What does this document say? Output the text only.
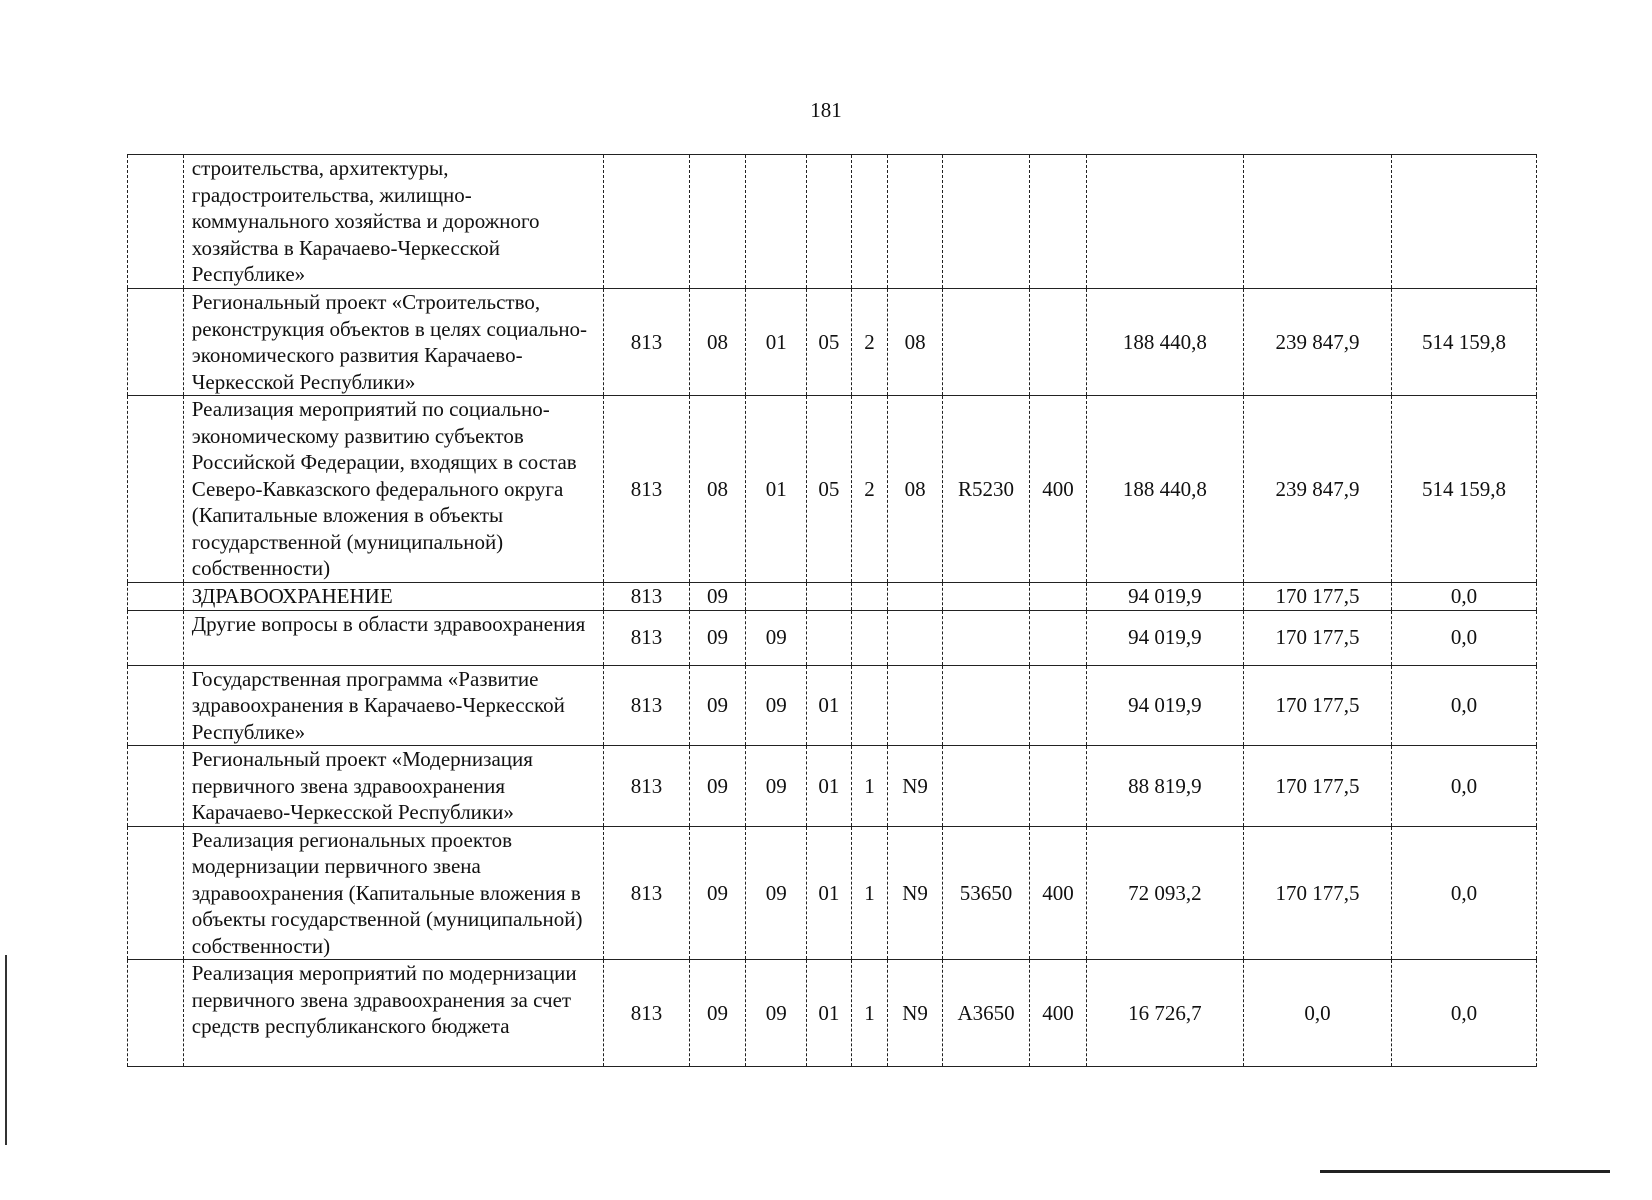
181
	строительства, архитектуры, градостроительства, жилищно-коммунального хозяйства и дорожного хозяйства в Карачаево-Черкесской Республике»											
	Региональный проект «Строительство, реконструкция объектов в целях социально-экономического развития Карачаево-Черкесской Республики»	813	08	01	05	2	08			188 440,8	239 847,9	514 159,8
	Реализация мероприятий по социально-экономическому развитию субъектов Российской Федерации, входящих в состав Северо-Кавказского федерального округа (Капитальные вложения в объекты государственной (муниципальной) собственности)	813	08	01	05	2	08	R5230	400	188 440,8	239 847,9	514 159,8
	ЗДРАВООХРАНЕНИЕ	813	09							94 019,9	170 177,5	0,0
	Другие вопросы в области здравоохранения	813	09	09						94 019,9	170 177,5	0,0
	Государственная программа «Развитие здравоохранения в Карачаево-Черкесской Республике»	813	09	09	01					94 019,9	170 177,5	0,0
	Региональный проект «Модернизация первичного звена здравоохранения Карачаево-Черкесской Республики»	813	09	09	01	1	N9			88 819,9	170 177,5	0,0
	Реализация региональных проектов модернизации первичного звена здравоохранения (Капитальные вложения в объекты государственной (муниципальной) собственности)	813	09	09	01	1	N9	53650	400	72 093,2	170 177,5	0,0
	Реализация мероприятий по модернизации первичного звена здравоохранения за счет средств республиканского бюджета	813	09	09	01	1	N9	А3650	400	16 726,7	0,0	0,0
